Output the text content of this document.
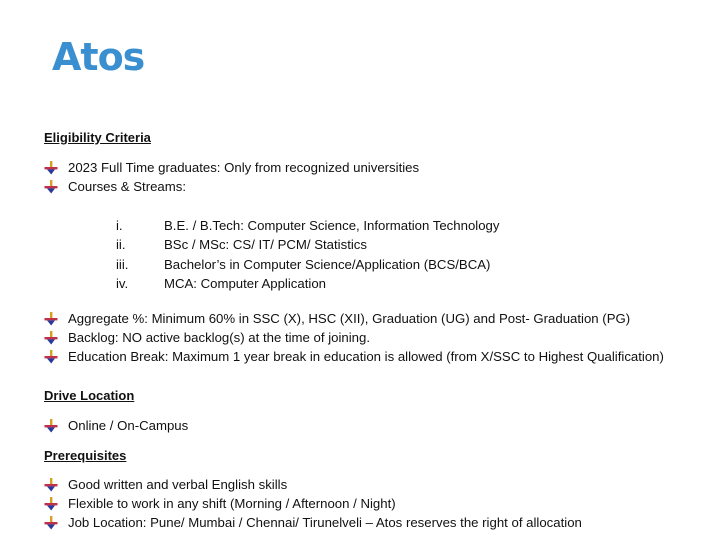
Atos
Eligibility Criteria
2023 Full Time graduates: Only from recognized universities
Courses & Streams:
i.	B.E. / B.Tech: Computer Science, Information Technology
ii.	BSc / MSc: CS/ IT/ PCM/ Statistics
iii.	Bachelor’s in Computer Science/Application (BCS/BCA)
iv.	MCA: Computer Application
Aggregate %: Minimum 60% in SSC (X), HSC (XII), Graduation (UG) and Post- Graduation (PG)
Backlog: NO active backlog(s) at the time of joining.
Education Break: Maximum 1 year break in education is allowed (from X/SSC to Highest Qualification)
Drive Location
Online / On-Campus
Prerequisites
Good written and verbal English skills
Flexible to work in any shift (Morning / Afternoon / Night)
Job Location: Pune/ Mumbai / Chennai/ Tirunelveli – Atos reserves the right of allocation
